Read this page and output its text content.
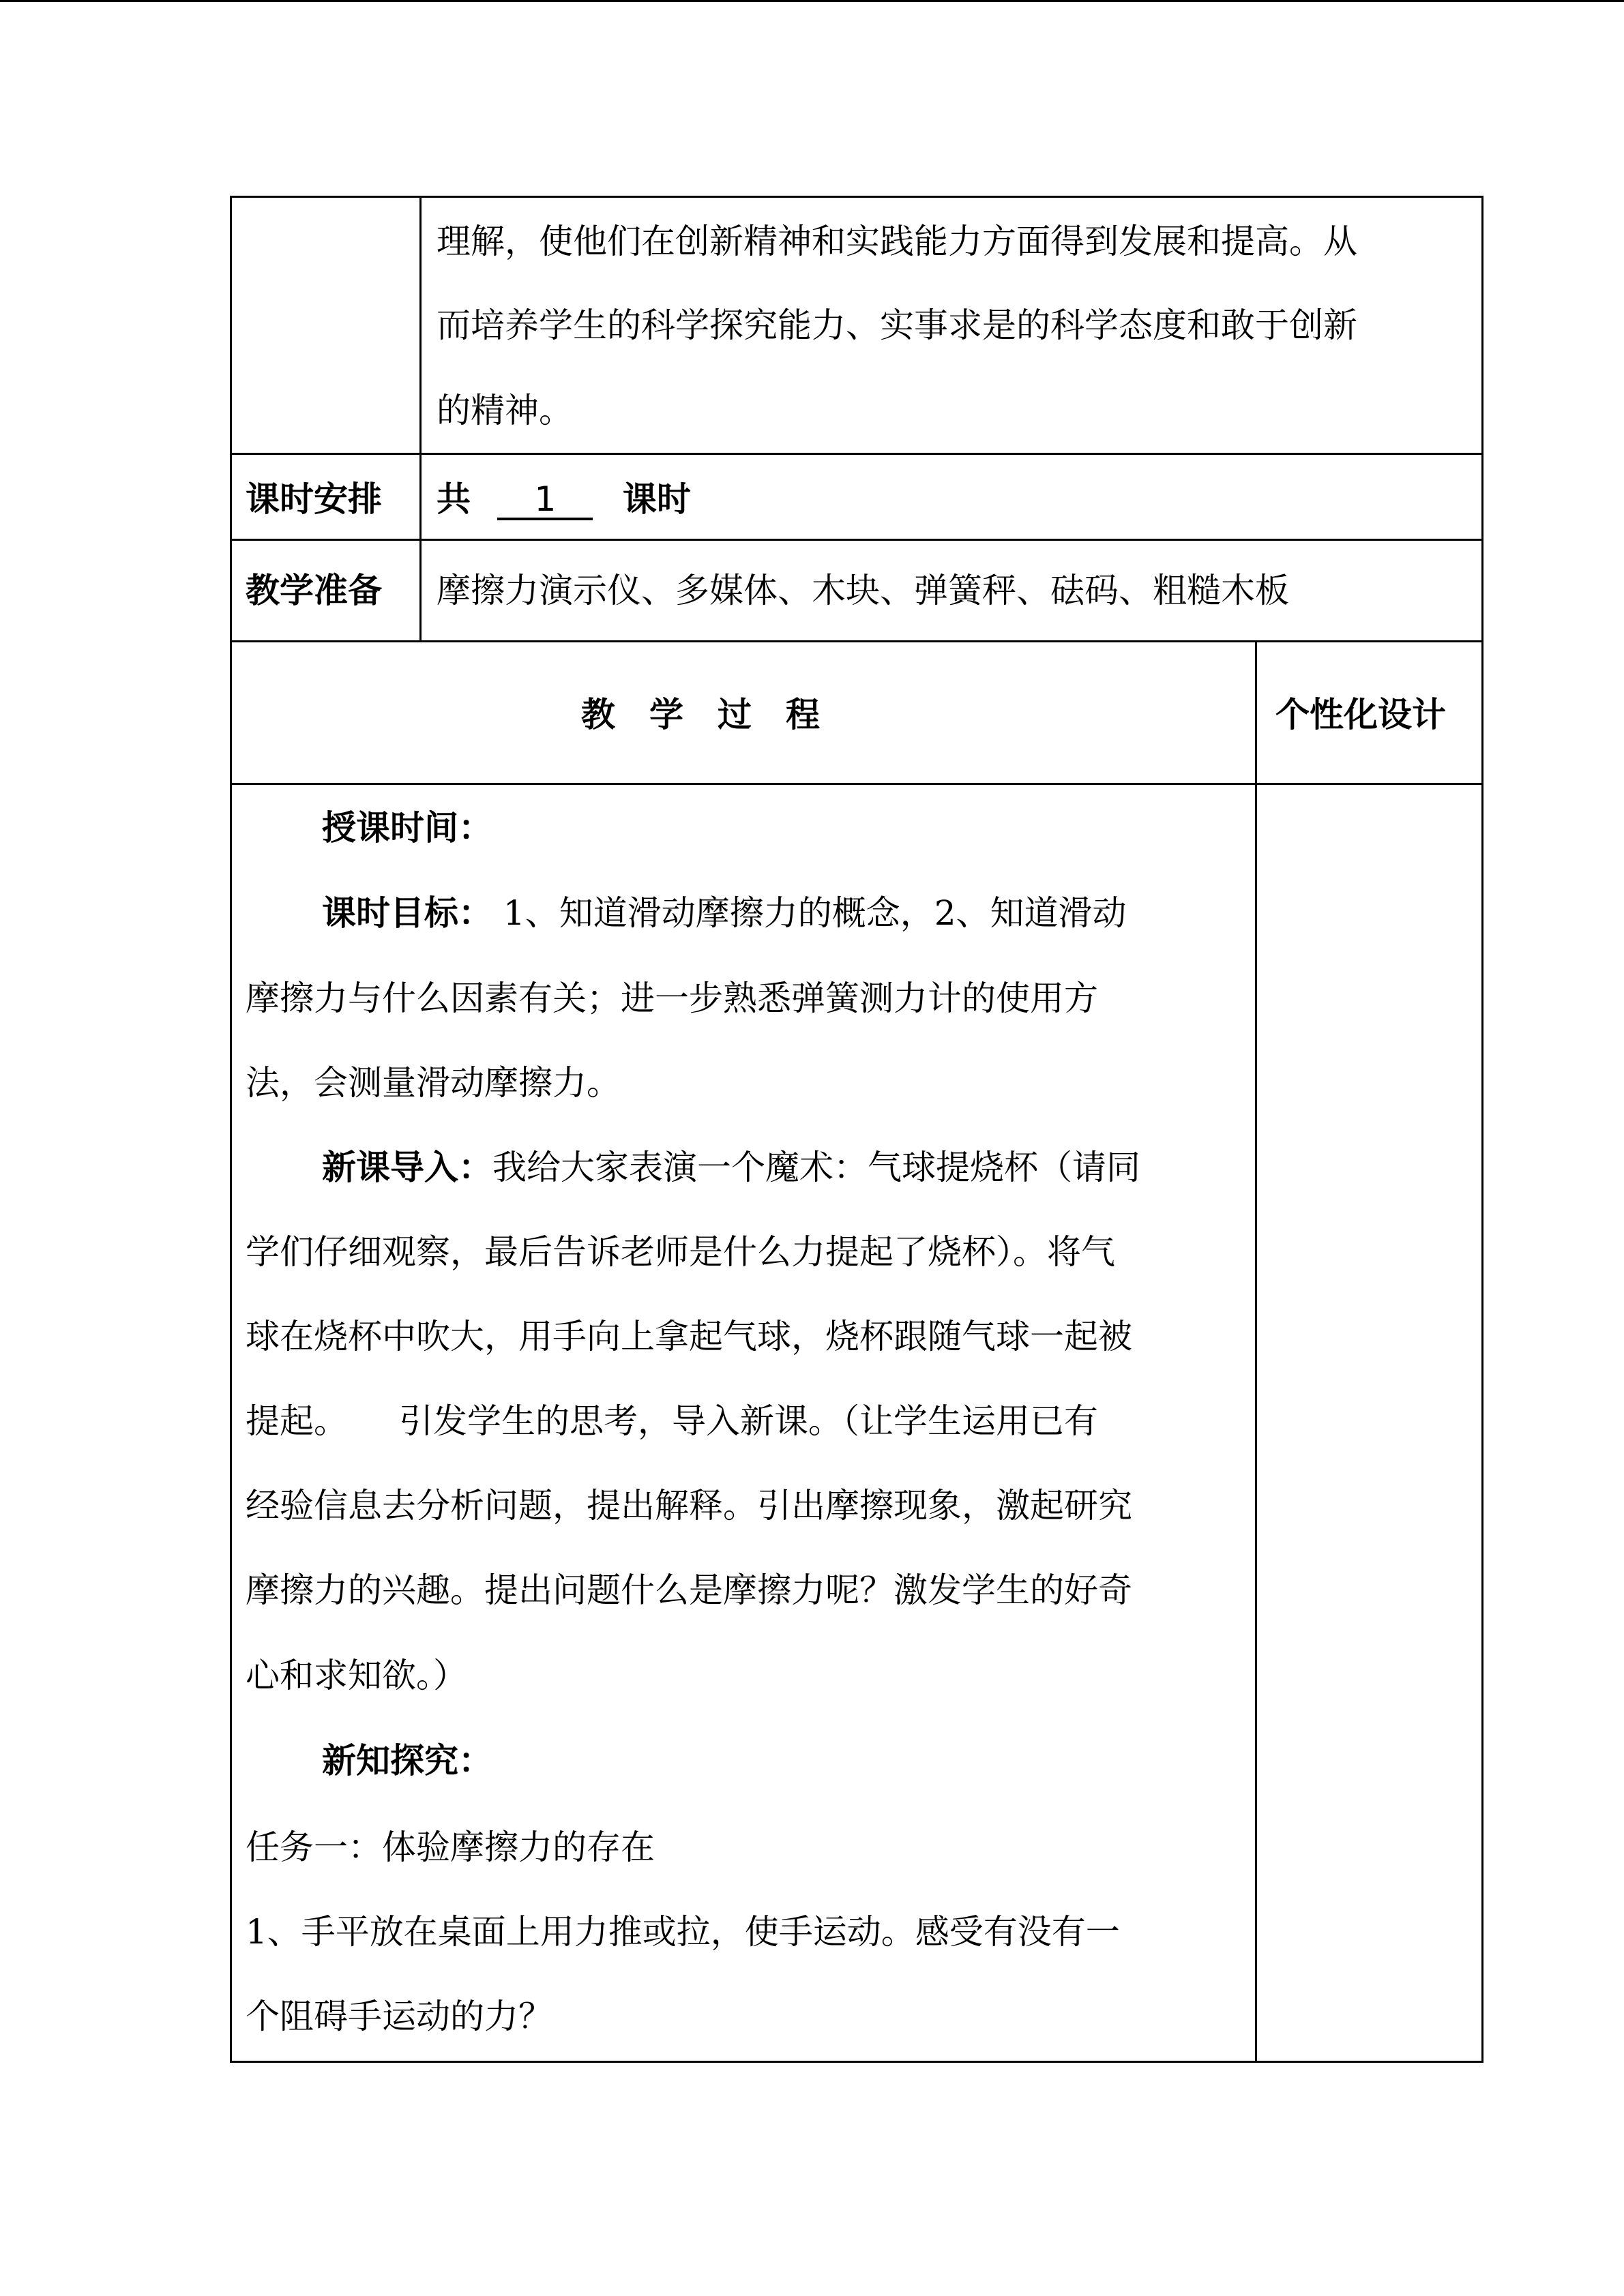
理解，使他们在创新精神和实践能力方面得到发展和提高。从
而培养学生的科学探究能力、实事求是的科学态度和敢于创新
的精神。
课时安排 共 1 课时
教学准备 摩擦力演示仪、多媒体、木块、弹簧秤、砝码、粗糙木板
教　学　过　程	个性化设计
授课时间：
课时目标： 1、知道滑动摩擦力的概念，2、知道滑动
摩擦力与什么因素有关；进一步熟悉弹簧测力计的使用方
法，会测量滑动摩擦力。
新课导入：我给大家表演一个魔术：气球提烧杯（请同
学们仔细观察，最后告诉老师是什么力提起了烧杯）。将气
球在烧杯中吹大，用手向上拿起气球，烧杯跟随气球一起被
提起。　　引发学生的思考，导入新课。（让学生运用已有
经验信息去分析问题，提出解释。引出摩擦现象，激起研究
摩擦力的兴趣。提出问题什么是摩擦力呢？激发学生的好奇
心和求知欲。）
新知探究：
任务一：体验摩擦力的存在
1、手平放在桌面上用力推或拉，使手运动。感受有没有一
个阻碍手运动的力？
